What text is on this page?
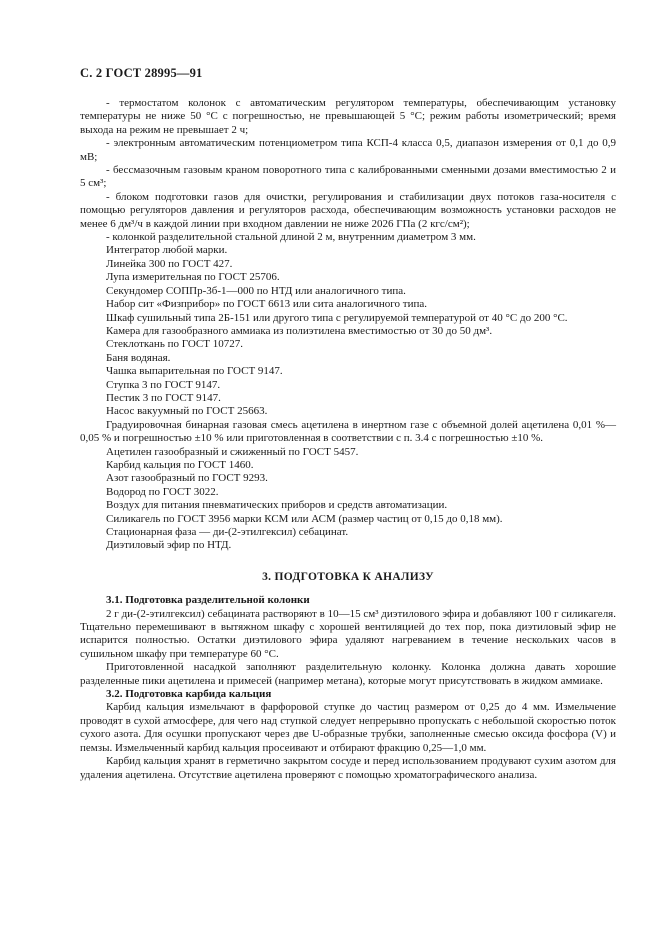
С. 2 ГОСТ 28995—91

- термостатом колонок с автоматическим регулятором температуры, обеспечивающим установку температуры не ниже 50 °С с погрешностью, не превышающей 5 °С; режим работы изометрический; время выхода на режим не превышает 2 ч;

- электронным автоматическим потенциометром типа КСП-4 класса 0,5, диапазон измерения от 0,1 до 0,9 мВ;

- бессмазочным газовым краном поворотного типа с калиброванными сменными дозами вместимостью 2 и 5 см³;

- блоком подготовки газов для очистки, регулирования и стабилизации двух потоков газа-носителя с помощью регуляторов давления и регуляторов расхода, обеспечивающим возможность установки расходов не менее 6 дм³/ч в каждой линии при входном давлении не ниже 2026 ГПа (2 кгс/см²);

- колонкой разделительной стальной длиной 2 м, внутренним диаметром 3 мм.

Интегратор любой марки.

Линейка 300 по ГОСТ 427.

Лупа измерительная по ГОСТ 25706.

Секундомер СОППр-3б-1—000 по НТД или аналогичного типа.

Набор сит «Физприбор» по ГОСТ 6613 или сита аналогичного типа.

Шкаф сушильный типа 2Б-151 или другого типа с регулируемой температурой от 40 °С до 200 °С.

Камера для газообразного аммиака из полиэтилена вместимостью от 30 до 50 дм³.

Стеклоткань по ГОСТ 10727.

Баня водяная.

Чашка выпарительная по ГОСТ 9147.

Ступка 3 по ГОСТ 9147.

Пестик 3 по ГОСТ 9147.

Насос вакуумный по ГОСТ 25663.

Градуировочная бинарная газовая смесь ацетилена в инертном газе с объемной долей ацетилена 0,01 %—0,05 % и погрешностью ±10 % или приготовленная в соответствии с п. 3.4 с погрешностью ±10 %.

Ацетилен газообразный и сжиженный по ГОСТ 5457.

Карбид кальция по ГОСТ 1460.

Азот газообразный по ГОСТ 9293.

Водород по ГОСТ 3022.

Воздух для питания пневматических приборов и средств автоматизации.

Силикагель по ГОСТ 3956 марки КСМ или АСМ (размер частиц от 0,15 до 0,18 мм).

Стационарная фаза — ди-(2-этилгексил) себацинат.

Диэтиловый эфир по НТД.

3. ПОДГОТОВКА К АНАЛИЗУ

3.1. Подготовка разделительной колонки

2 г ди-(2-этилгексил) себацината растворяют в 10—15 см³ диэтилового эфира и добавляют 100 г силикагеля. Тщательно перемешивают в вытяжном шкафу с хорошей вентиляцией до тех пор, пока диэтиловый эфир не испарится полностью. Остатки диэтилового эфира удаляют нагреванием в течение нескольких часов в сушильном шкафу при температуре 60 °С.

Приготовленной насадкой заполняют разделительную колонку. Колонка должна давать хорошие разделенные пики ацетилена и примесей (например метана), которые могут присутствовать в жидком аммиаке.

3.2. Подготовка карбида кальция

Карбид кальция измельчают в фарфоровой ступке до частиц размером от 0,25 до 4 мм. Измельчение проводят в сухой атмосфере, для чего над ступкой следует непрерывно пропускать с небольшой скоростью поток сухого азота. Для осушки пропускают через две U-образные трубки, заполненные смесью оксида фосфора (V) и пемзы. Измельченный карбид кальция просеивают и отбирают фракцию 0,25—1,0 мм.

Карбид кальция хранят в герметично закрытом сосуде и перед использованием продувают сухим азотом для удаления ацетилена. Отсутствие ацетилена проверяют с помощью хроматографического анализа.
